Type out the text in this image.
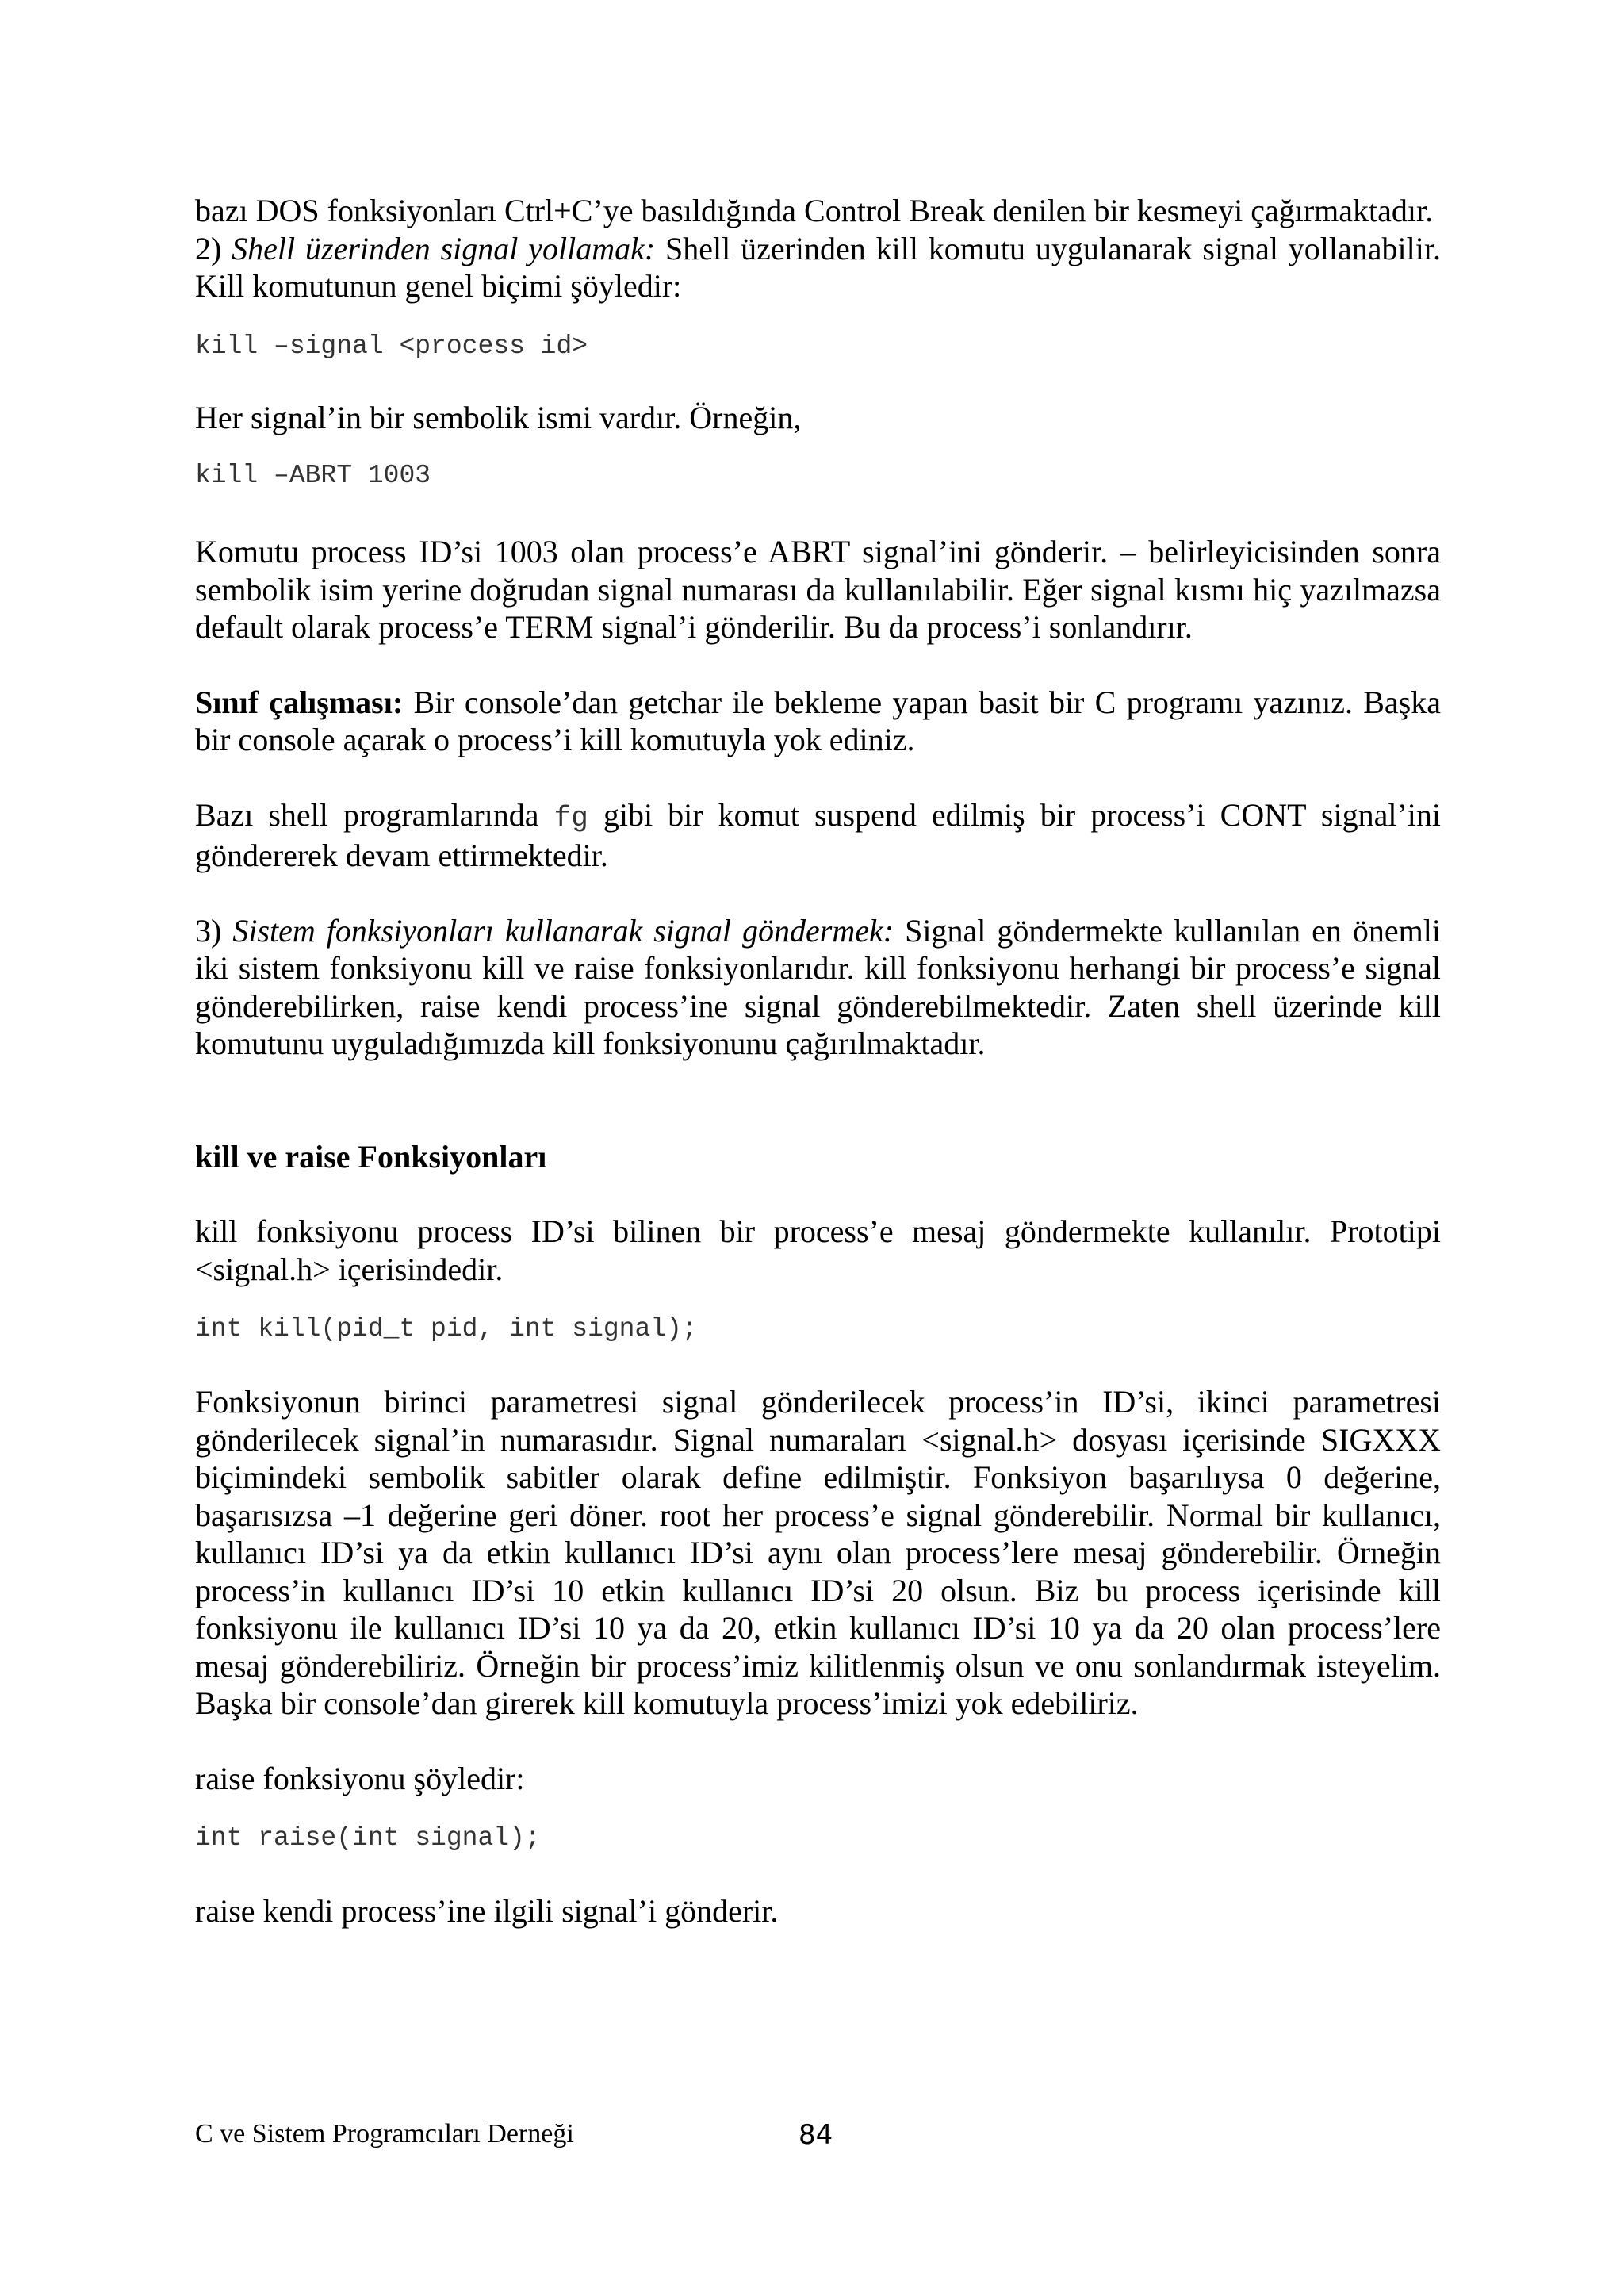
bazı DOS fonksiyonları Ctrl+C’ye basıldığında Control Break denilen bir kesmeyi çağırmaktadır.

2) Shell üzerinden signal yollamak: Shell üzerinden kill komutu uygulanarak signal yollanabilir. Kill komutunun genel biçimi şöyledir:

kill –signal <process id>

Her signal’in bir sembolik ismi vardır. Örneğin,

kill –ABRT 1003

Komutu process ID’si 1003 olan process’e ABRT signal’ini gönderir. – belirleyicisinden sonra sembolik isim yerine doğrudan signal numarası da kullanılabilir. Eğer signal kısmı hiç yazılmazsa default olarak process’e TERM signal’i gönderilir. Bu da process’i sonlandırır.

Sınıf çalışması: Bir console’dan getchar ile bekleme yapan basit bir C programı yazınız. Başka bir console açarak o process’i kill komutuyla yok ediniz.

Bazı shell programlarında fg gibi bir komut suspend edilmiş bir process’i CONT signal’ini göndererek devam ettirmektedir.

3) Sistem fonksiyonları kullanarak signal göndermek: Signal göndermekte kullanılan en önemli iki sistem fonksiyonu kill ve raise fonksiyonlarıdır. kill fonksiyonu herhangi bir process’e signal gönderebilirken, raise kendi process’ine signal gönderebilmektedir. Zaten shell üzerinde kill komutunu uyguladığımızda kill fonksiyonunu çağırılmaktadır.

kill ve raise Fonksiyonları

kill fonksiyonu process ID’si bilinen bir process’e mesaj göndermekte kullanılır. Prototipi <signal.h> içerisindedir.

int kill(pid_t pid, int signal);

Fonksiyonun birinci parametresi signal gönderilecek process’in ID’si, ikinci parametresi gönderilecek signal’in numarasıdır. Signal numaraları <signal.h> dosyası içerisinde SIGXXX biçimindeki sembolik sabitler olarak define edilmiştir. Fonksiyon başarılıysa 0 değerine, başarısızsa –1 değerine geri döner. root her process’e signal gönderebilir. Normal bir kullanıcı, kullanıcı ID’si ya da etkin kullanıcı ID’si aynı olan process’lere mesaj gönderebilir. Örneğin process’in kullanıcı ID’si 10 etkin kullanıcı ID’si 20 olsun. Biz bu process içerisinde kill fonksiyonu ile kullanıcı ID’si 10 ya da 20, etkin kullanıcı ID’si 10 ya da 20 olan process’lere mesaj gönderebiliriz. Örneğin bir process’imiz kilitlenmiş olsun ve onu sonlandırmak isteyelim. Başka bir console’dan girerek kill komutuyla process’imizi yok edebiliriz.

raise fonksiyonu şöyledir:

int raise(int signal);

raise kendi process’ine ilgili signal’i gönderir.

C ve Sistem Programcıları Derneği	84
